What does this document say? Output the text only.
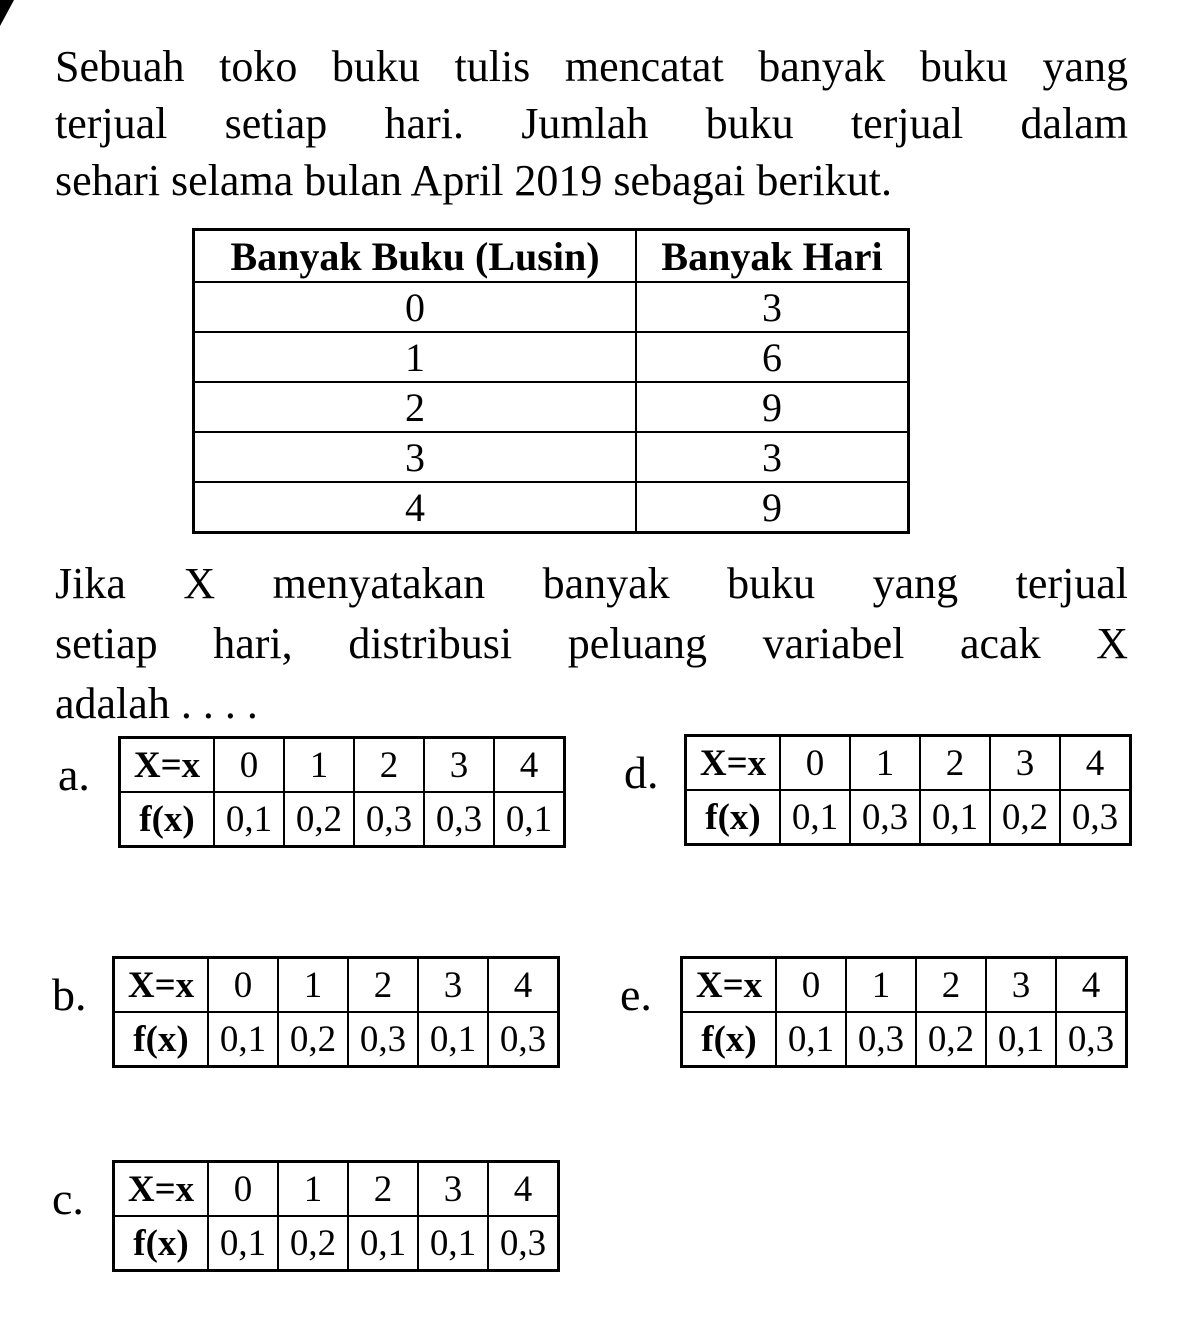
Sebuah toko buku tulis mencatat banyak buku yang
terjual setiap hari. Jumlah buku terjual dalam
sehari selama bulan April 2019 sebagai berikut.
Banyak Buku (Lusin)	Banyak Hari
0	3
1	6
2	9
3	3
4	9
Jika X menyatakan banyak buku yang terjual
setiap hari, distribusi peluang variabel acak X
adalah . . . .
a.	X=x	0	1	2	3	4
f(x)	0,1	0,2	0,3	0,3	0,1
d.	X=x	0	1	2	3	4
f(x)	0,1	0,3	0,1	0,2	0,3
b.	X=x	0	1	2	3	4
f(x)	0,1	0,2	0,3	0,1	0,3
e.	X=x	0	1	2	3	4
f(x)	0,1	0,3	0,2	0,1	0,3
c.	X=x	0	1	2	3	4
f(x)	0,1	0,2	0,1	0,1	0,3
